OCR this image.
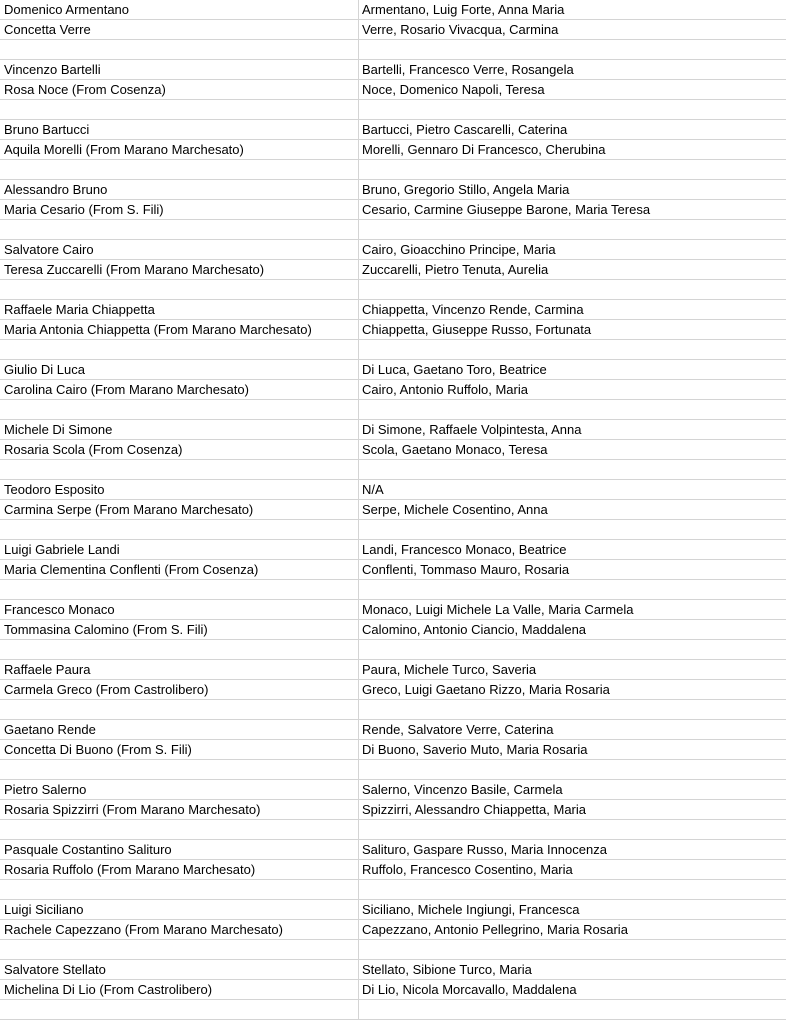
Domenico Armentano	Armentano, Luig Forte, Anna Maria
Concetta Verre	Verre, Rosario Vivacqua, Carmina
Vincenzo Bartelli	Bartelli, Francesco Verre, Rosangela
Rosa Noce (From Cosenza)	Noce, Domenico Napoli, Teresa
Bruno Bartucci	Bartucci, Pietro Cascarelli, Caterina
Aquila Morelli (From Marano Marchesato)	Morelli, Gennaro Di Francesco, Cherubina
Alessandro Bruno	Bruno, Gregorio Stillo, Angela Maria
Maria Cesario (From S. Fili)	Cesario, Carmine Giuseppe Barone, Maria Teresa
Salvatore Cairo	Cairo, Gioacchino Principe, Maria
Teresa Zuccarelli (From Marano Marchesato)	Zuccarelli, Pietro Tenuta, Aurelia
Raffaele Maria Chiappetta	Chiappetta, Vincenzo Rende, Carmina
Maria Antonia Chiappetta (From Marano Marchesato)	Chiappetta, Giuseppe Russo, Fortunata
Giulio Di Luca	Di Luca, Gaetano Toro, Beatrice
Carolina Cairo (From Marano Marchesato)	Cairo, Antonio Ruffolo, Maria
Michele Di Simone	Di Simone, Raffaele Volpintesta, Anna
Rosaria Scola (From Cosenza)	Scola, Gaetano Monaco, Teresa
Teodoro Esposito	N/A
Carmina Serpe (From Marano Marchesato)	Serpe, Michele Cosentino, Anna
Luigi Gabriele Landi	Landi, Francesco Monaco, Beatrice
Maria Clementina Conflenti (From Cosenza)	Conflenti, Tommaso Mauro, Rosaria
Francesco Monaco	Monaco, Luigi Michele La Valle, Maria Carmela
Tommasina Calomino (From S. Fili)	Calomino, Antonio Ciancio, Maddalena
Raffaele Paura	Paura, Michele Turco, Saveria
Carmela Greco (From Castrolibero)	Greco, Luigi Gaetano Rizzo, Maria Rosaria
Gaetano Rende	Rende, Salvatore Verre, Caterina
Concetta Di Buono (From S. Fili)	Di Buono, Saverio Muto, Maria Rosaria
Pietro Salerno	Salerno, Vincenzo Basile, Carmela
Rosaria Spizzirri (From Marano Marchesato)	Spizzirri, Alessandro Chiappetta, Maria
Pasquale Costantino Salituro	Salituro, Gaspare Russo, Maria Innocenza
Rosaria Ruffolo (From Marano Marchesato)	Ruffolo, Francesco Cosentino, Maria
Luigi Siciliano	Siciliano, Michele Ingiungi, Francesca
Rachele Capezzano (From Marano Marchesato)	Capezzano, Antonio Pellegrino, Maria Rosaria
Salvatore Stellato	Stellato, Sibione Turco, Maria
Michelina Di Lio (From Castrolibero)	Di Lio, Nicola Morcavallo, Maddalena
